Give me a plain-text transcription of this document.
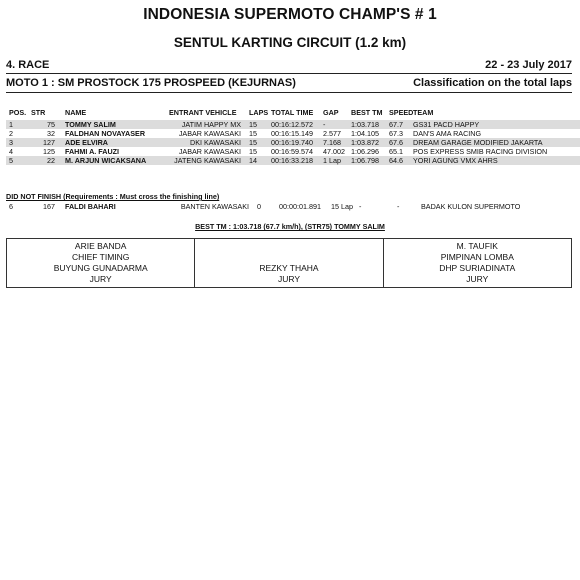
INDONESIA SUPERMOTO CHAMP'S # 1
SENTUL KARTING CIRCUIT (1.2 km)
4. RACE	22 - 23 July 2017
MOTO 1 : SM PROSTOCK 175 PROSPEED (KEJURNAS)	Classification on the total laps
POS.	STR	NAME	ENTRANT VEHICLE	LAPS	TOTAL TIME	GAP	BEST TM	SPEED	TEAM
1	75	TOMMY SALIM	JATIM HAPPY MX	15	00:16:12.572	-	1:03.718	67.7	GS31 PACD HAPPY
2	32	FALDHAN NOVAYASER	JABAR KAWASAKI	15	00:16:15.149	2.577	1:04.105	67.3	DAN'S AMA RACING
3	127	ADE ELVIRA	DKI KAWASAKI	15	00:16:19.740	7.168	1:03.872	67.6	DREAM GARAGE MODIFIED JAKARTA
4	125	FAHMI A. FAUZI	JABAR KAWASAKI	15	00:16:59.574	47.002	1:06.296	65.1	POS EXPRESS SMIB RACING DIVISION
5	22	M. ARJUN WICAKSANA	JATENG KAWASAKI	14	00:16:33.218	1 Lap	1:06.798	64.6	YORI AGUNG VMX AHRS
DID NOT FINISH (Requirements : Must cross the finishing line)
6	167	FALDI BAHARI	BANTEN KAWASAKI	0	00:00:01.891	15 Lap	-	-	BADAK KULON SUPERMOTO
BEST TM : 1:03.718 (67.7 km/h), (STR75) TOMMY SALIM
ARIE BANDA
CHIEF TIMING
BUYUNG GUNADARMA
JURY

REZKY THAHA
JURY

M. TAUFIK
PIMPINAN LOMBA
DHP SURIADINATA
JURY
